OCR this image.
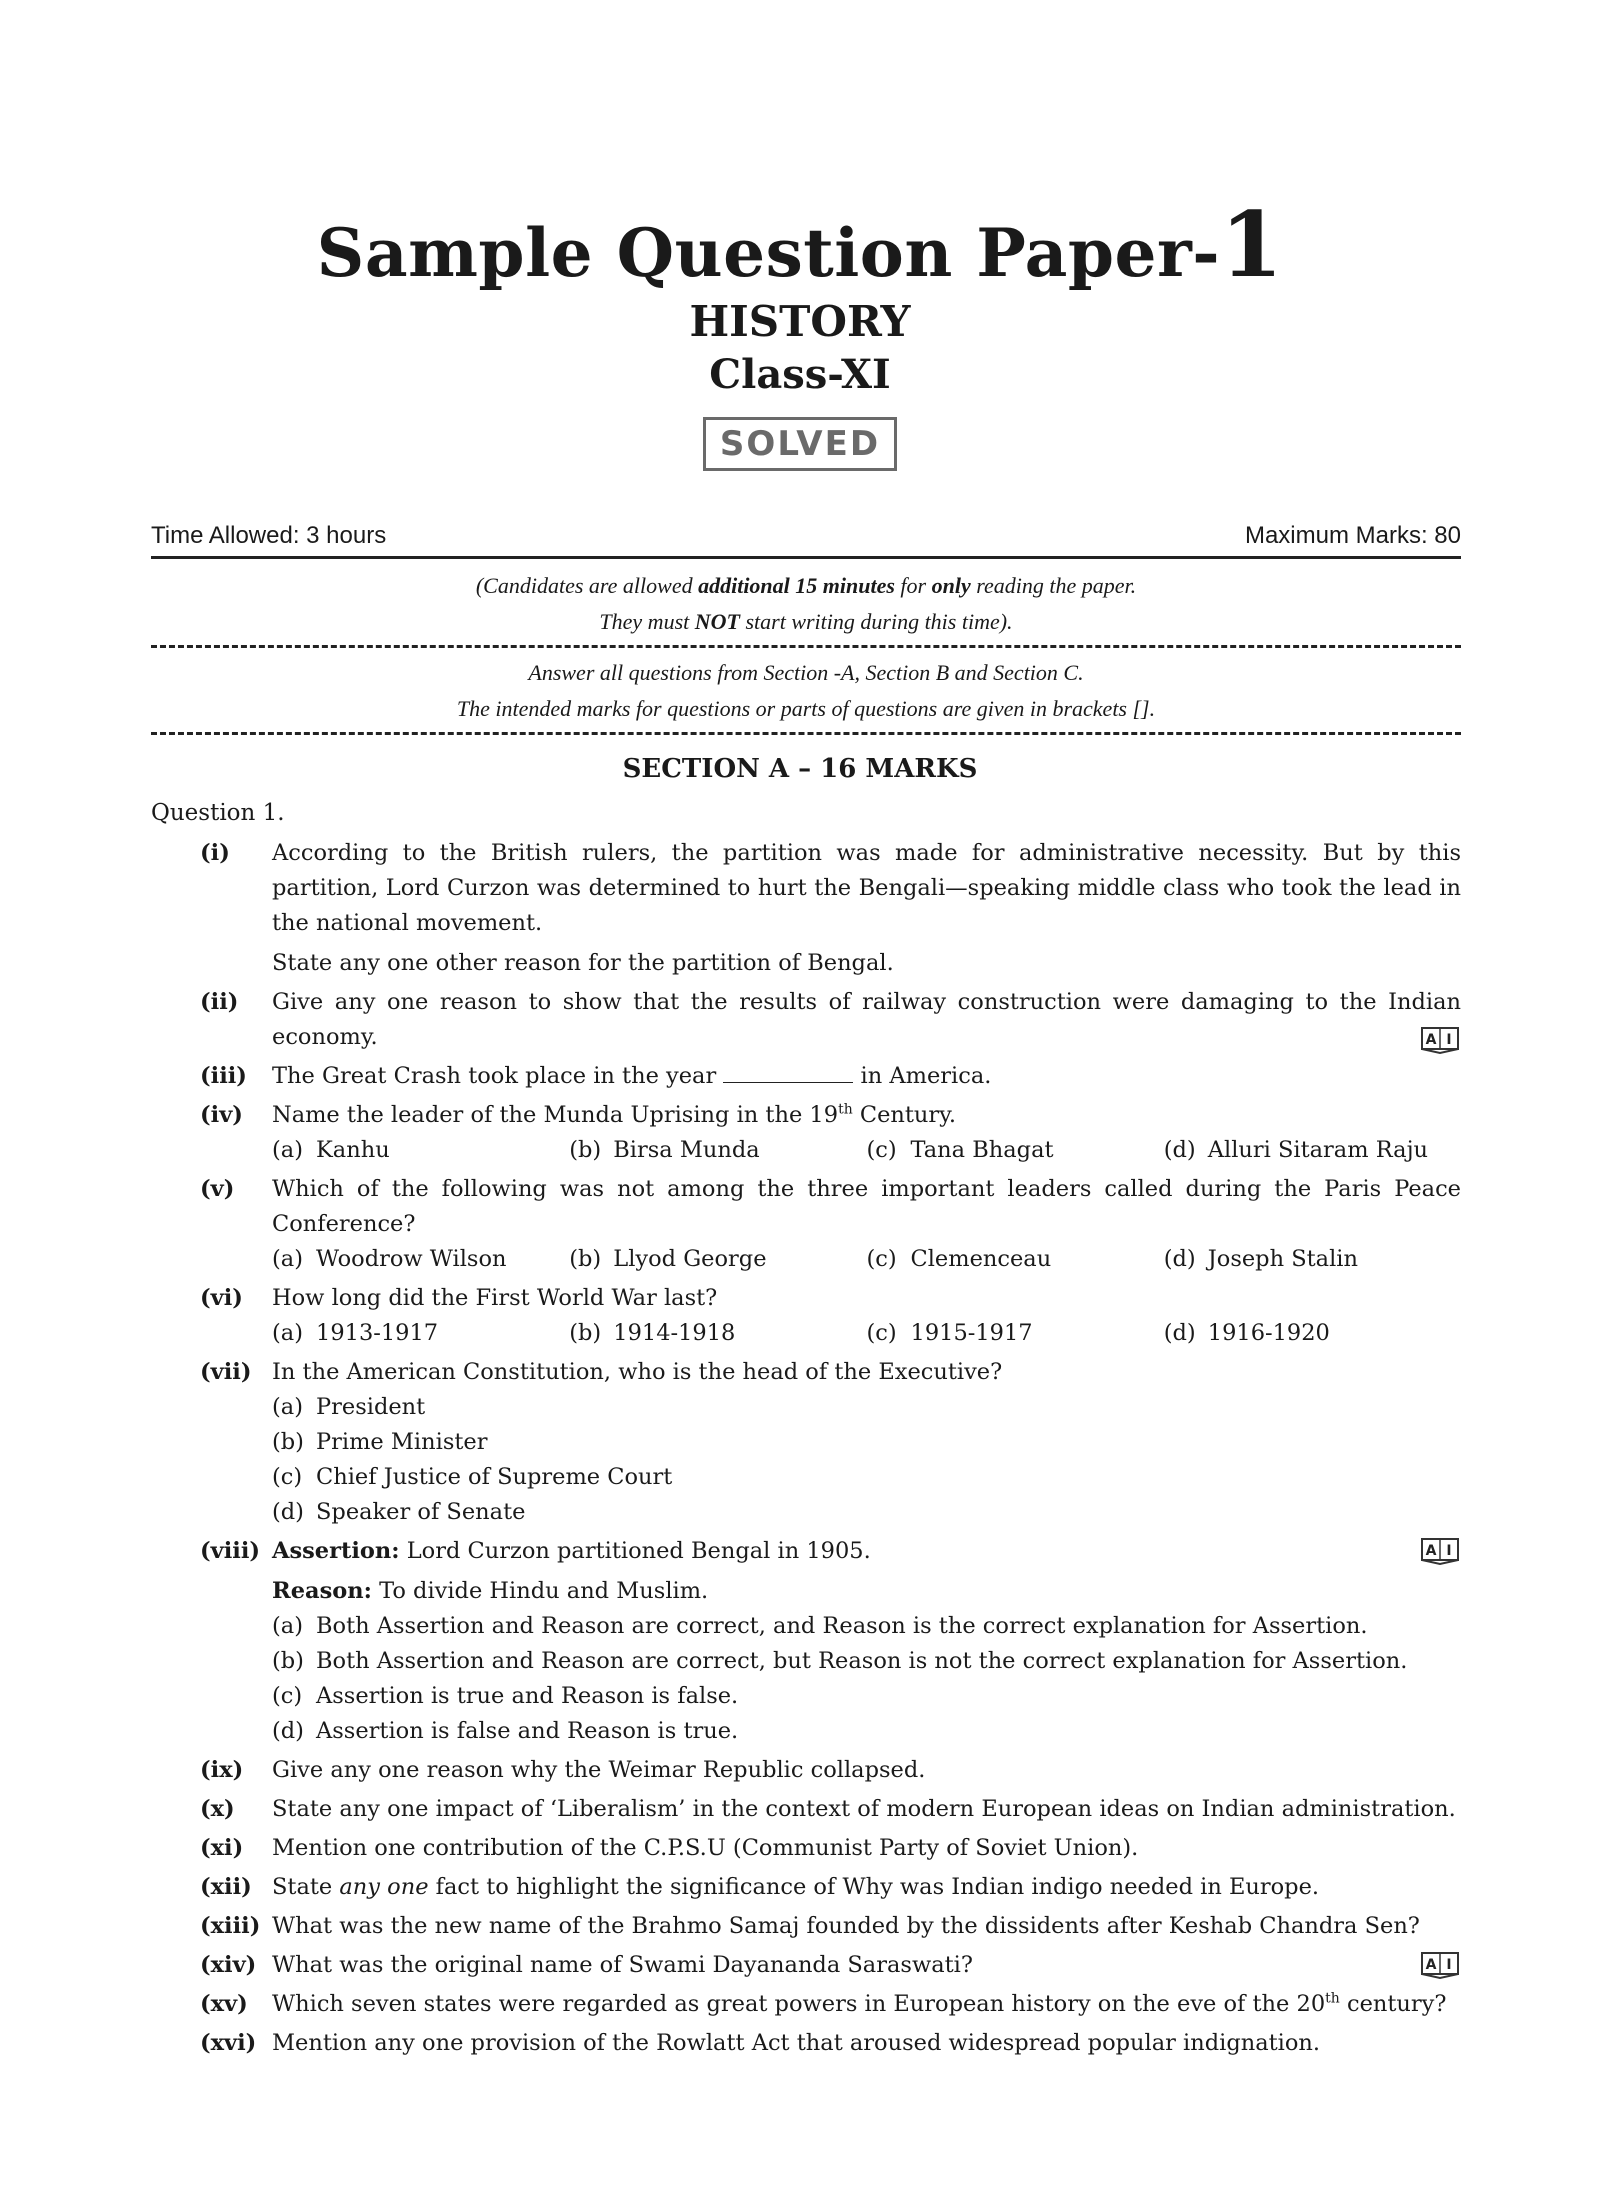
Sample Question Paper-1
HISTORY
Class-XI
SOLVED
Time Allowed: 3 hours	Maximum Marks: 80
(Candidates are allowed additional 15 minutes for only reading the paper.
They must NOT start writing during this time).
Answer all questions from Section -A, Section B and Section C.
The intended marks for questions or parts of questions are given in brackets [].
SECTION A – 16 MARKS
Question 1.
(i)	According to the British rulers, the partition was made for administrative necessity. But by this partition, Lord Curzon was determined to hurt the Bengali—speaking middle class who took the lead in the national movement.

State any one other reason for the partition of Bengal.

(ii)	Give any one reason to show that the results of railway construction were damaging to the Indian economy.	A I
(iii)	The Great Crash took place in the year	in America.
(iv)	Name the leader of the Munda Uprising in the 19th Century.

(a) Kanhu	(b) Birsa Munda	(c) Tana Bhagat	(d) Alluri Sitaram Raju
(v)	Which of the following was not among the three important leaders called during the Paris Peace Conference?

(a) Woodrow Wilson	(b) Llyod George	(c) Clemenceau	(d) Joseph Stalin
(vi)	How long did the First World War last?

(a) 1913-1917	(b) 1914-1918	(c) 1915-1917	(d) 1916-1920
(vii) In the American Constitution, who is the head of the Executive?

(a) President
(b) Prime Minister
(c) Chief Justice of Supreme Court
(d) Speaker of Senate
(viii) Assertion: Lord Curzon partitioned Bengal in 1905.

Reason: To divide Hindu and Muslim.

(a) Both Assertion and Reason are correct, and Reason is the correct explanation for Assertion.
(b) Both Assertion and Reason are correct, but Reason is not the correct explanation for Assertion.
(c) Assertion is true and Reason is false.
(d) Assertion is false and Reason is true.
A I
(ix)	Give any one reason why the Weimar Republic collapsed.

(x)	State any one impact of ‘Liberalism’ in the context of modern European ideas on Indian administration.

(xi)	Mention one contribution of the C.P.S.U (Communist Party of Soviet Union).

(xii) State any one fact to highlight the significance of Why was Indian indigo needed in Europe.

(xiii) What was the new name of the Brahmo Samaj founded by the dissidents after Keshab Chandra Sen?

(xiv) What was the original name of Swami Dayananda Saraswati?	A I
(xv)	Which seven states were regarded as great powers in European history on the eve of the 20th century?

(xvi) Mention any one provision of the Rowlatt Act that aroused widespread popular indignation.
